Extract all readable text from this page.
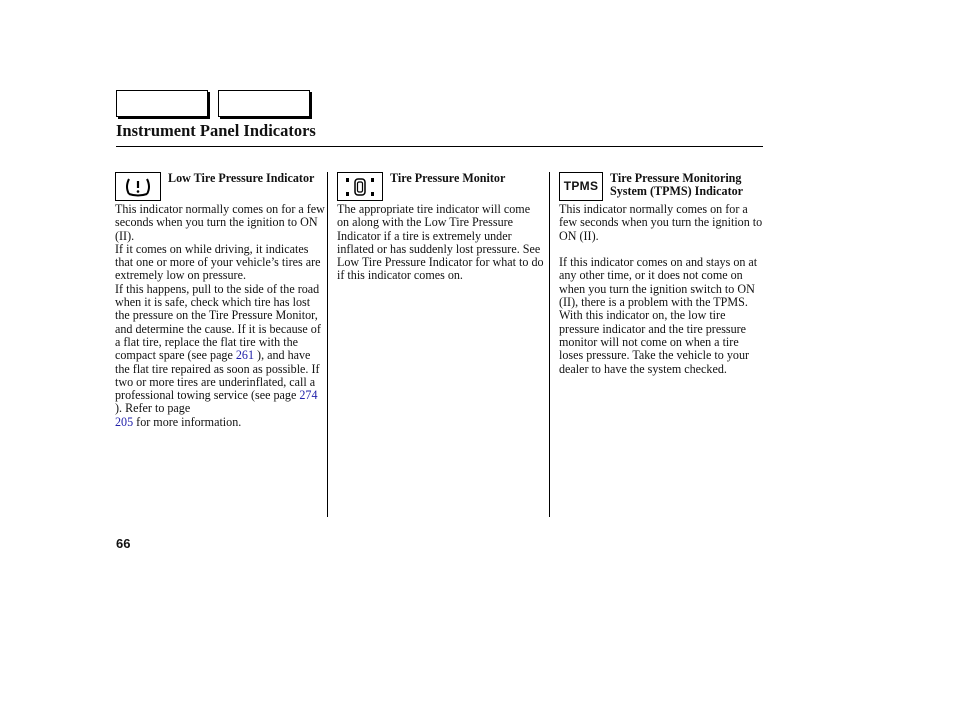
Instrument Panel Indicators
Low Tire Pressure Indicator

This indicator normally comes on for a few seconds when you turn the ignition to ON (II).

If it comes on while driving, it indicates that one or more of your vehicle’s tires are extremely low on pressure.

If this happens, pull to the side of the road when it is safe, check which tire has lost the pressure on the Tire Pressure Monitor, and determine the cause. If it is because of a flat tire, replace the flat tire with the compact spare (see page 261 ), and have the flat tire repaired as soon as possible. If two or more tires are underinflated, call a professional towing service (see page 274 ). Refer to page
205 for more information.

Tire Pressure Monitor

The appropriate tire indicator will come on along with the Low Tire Pressure Indicator if a tire is extremely under inflated or has suddenly lost pressure. See Low Tire Pressure Indicator for what to do if this indicator comes on.

TPMS
Tire Pressure Monitoring System (TPMS) Indicator

This indicator normally comes on for a few seconds when you turn the ignition to ON (II).

If this indicator comes on and stays on at any other time, or it does not come on when you turn the ignition switch to ON (II), there is a problem with the TPMS. With this indicator on, the low tire pressure indicator and the tire pressure monitor will not come on when a tire loses pressure. Take the vehicle to your dealer to have the system checked.

66
